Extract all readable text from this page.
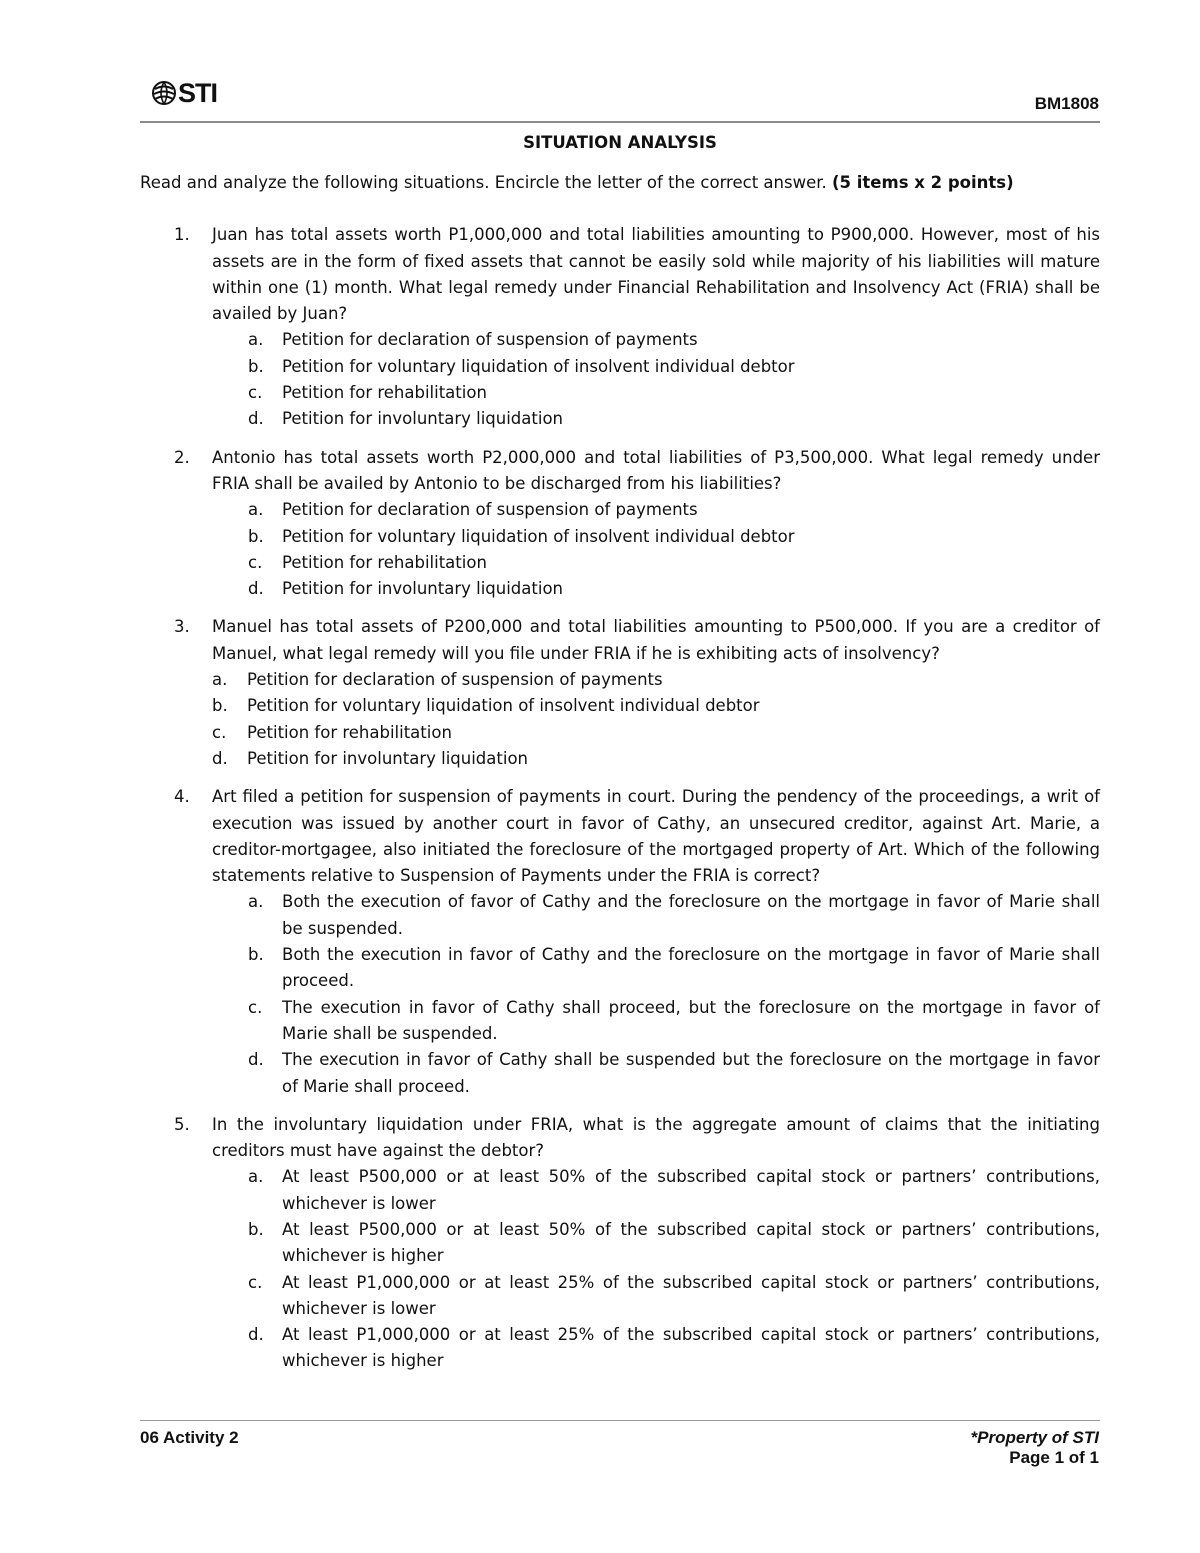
STI	BM1808
SITUATION ANALYSIS
Read and analyze the following situations. Encircle the letter of the correct answer. (5 items x 2 points)
1. Juan has total assets worth P1,000,000 and total liabilities amounting to P900,000. However, most of his assets are in the form of fixed assets that cannot be easily sold while majority of his liabilities will mature within one (1) month. What legal remedy under Financial Rehabilitation and Insolvency Act (FRIA) shall be availed by Juan?
a. Petition for declaration of suspension of payments
b. Petition for voluntary liquidation of insolvent individual debtor
c. Petition for rehabilitation
d. Petition for involuntary liquidation
2. Antonio has total assets worth P2,000,000 and total liabilities of P3,500,000. What legal remedy under FRIA shall be availed by Antonio to be discharged from his liabilities?
a. Petition for declaration of suspension of payments
b. Petition for voluntary liquidation of insolvent individual debtor
c. Petition for rehabilitation
d. Petition for involuntary liquidation
3. Manuel has total assets of P200,000 and total liabilities amounting to P500,000. If you are a creditor of Manuel, what legal remedy will you file under FRIA if he is exhibiting acts of insolvency?
a. Petition for declaration of suspension of payments
b. Petition for voluntary liquidation of insolvent individual debtor
c. Petition for rehabilitation
d. Petition for involuntary liquidation
4. Art filed a petition for suspension of payments in court. During the pendency of the proceedings, a writ of execution was issued by another court in favor of Cathy, an unsecured creditor, against Art. Marie, a creditor-mortgagee, also initiated the foreclosure of the mortgaged property of Art. Which of the following statements relative to Suspension of Payments under the FRIA is correct?
a. Both the execution of favor of Cathy and the foreclosure on the mortgage in favor of Marie shall be suspended.
b. Both the execution in favor of Cathy and the foreclosure on the mortgage in favor of Marie shall proceed.
c. The execution in favor of Cathy shall proceed, but the foreclosure on the mortgage in favor of Marie shall be suspended.
d. The execution in favor of Cathy shall be suspended but the foreclosure on the mortgage in favor of Marie shall proceed.
5. In the involuntary liquidation under FRIA, what is the aggregate amount of claims that the initiating creditors must have against the debtor?
a. At least P500,000 or at least 50% of the subscribed capital stock or partners’ contributions, whichever is lower
b. At least P500,000 or at least 50% of the subscribed capital stock or partners’ contributions, whichever is higher
c. At least P1,000,000 or at least 25% of the subscribed capital stock or partners’ contributions, whichever is lower
d. At least P1,000,000 or at least 25% of the subscribed capital stock or partners’ contributions, whichever is higher
06 Activity 2	*Property of STI
Page 1 of 1
